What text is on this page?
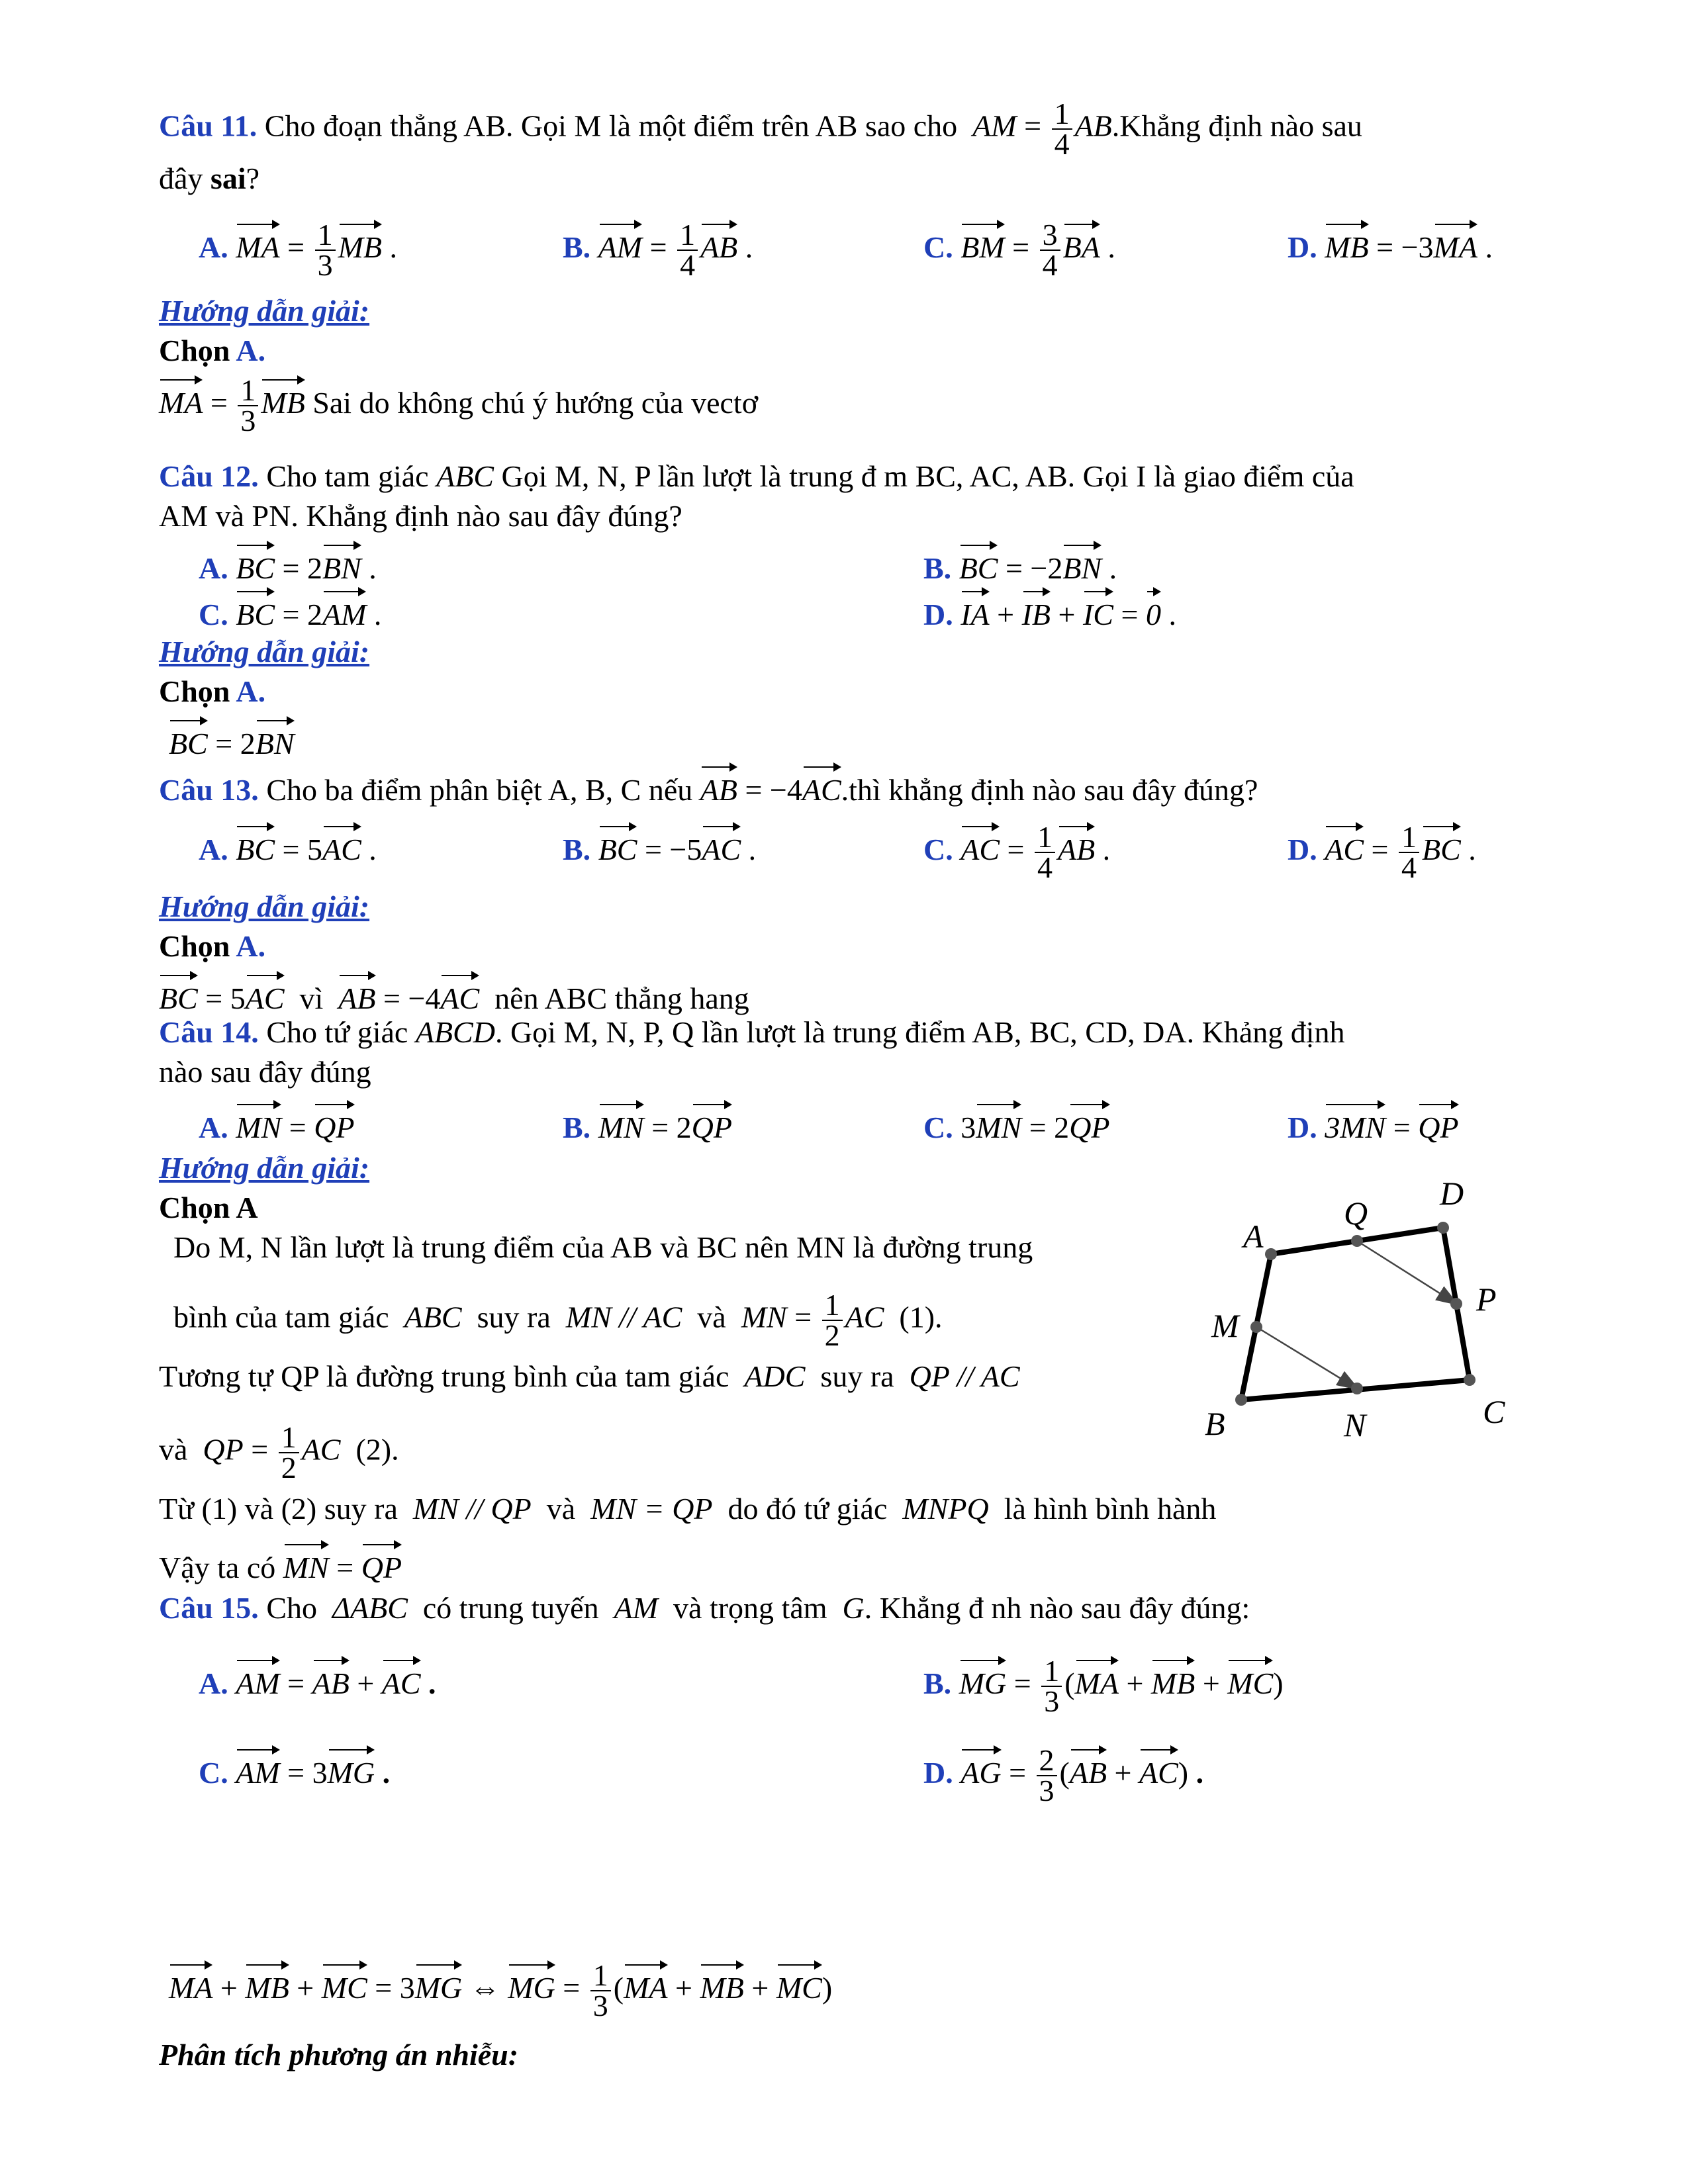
Câu 11. Cho đoạn thẳng AB. Gọi M là một điểm trên AB sao cho  AM = $\frac{1}{4}$ AB.Khẳng định nào sau
đây sai?
A. MA = $\frac{1}{3}$ MB .	B. AM = $\frac{1}{4}$ AB .	C. BM = $\frac{3}{4}$ BA .	D. MB = −3MA .
Hướng dẫn giải:
Chọn A.
MA = $\frac{1}{3}$ MB Sai do không chú ý hướng của vectơ
Câu 12. Cho tam giác ABC Gọi M, N, P lần lượt là trung đ m BC, AC, AB. Gọi I là giao điểm của
AM và PN. Khẳng định nào sau đây đúng?
A. BC = 2BN .	B. BC = −2BN .
C. BC = 2AM .	D. IA + IB + IC = 0 .
Hướng dẫn giải:
Chọn A.
BC = 2BN
Câu 13. Cho ba điểm phân biệt A, B, C nếu AB = −4AC.thì khẳng định nào sau đây đúng?
A. BC = 5AC .	B. BC = −5AC .	C. AC = $\frac{1}{4}$ AB .	D. AC = $\frac{1}{4}$ BC .
Hướng dẫn giải:
Chọn A.
BC = 5AC vì AB = −4AC nên ABC thẳng hang
Câu 14. Cho tứ giác ABCD. Gọi M, N, P, Q lần lượt là trung điểm AB, BC, CD, DA. Khảng định
nào sau đây đúng
A. MN = QP	B. MN = 2QP	C. 3MN = 2QP	D. 3MN = QP
Hướng dẫn giải:
Chọn A
Do M, N lần lượt là trung điểm của AB và BC nên MN là đường trung
bình của tam giác  ABC  suy ra  MN // AC  và  MN = $\frac{1}{2}$ AC (1).
Tương tự QP là đường trung bình của tam giác  ADC  suy ra  QP // AC
và  QP = $\frac{1}{2}$ AC (2).
Từ (1) và (2) suy ra  MN // QP  và  MN = QP  do đó tứ giác  MNPQ  là hình bình hành
Vậy ta có MN = QP
A
B	C
D
M
N
P
Q
Câu 15. Cho  ΔABC  có trung tuyến  AM  và trọng tâm  G. Khẳng đ nh nào sau đây đúng:
A. AM = AB + AC .	B. MG = $\frac{1}{3} (MA$ + MB + MC)
C. AM = 3MG .	D. AG = $\frac{2}{3} (AB + AC)$ .
MA + MB + MC = 3MG ⇔ MG = $\frac{1}{3} (MA$ + MB + MC)
Phân tích phương án nhiễu:
